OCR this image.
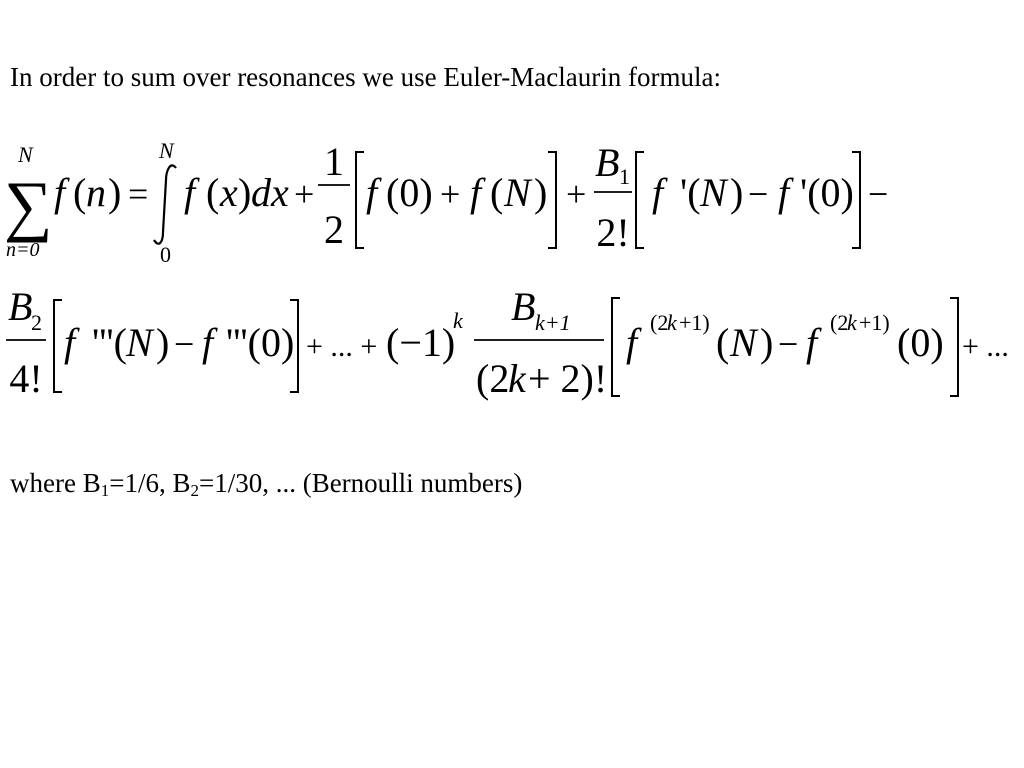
In order to sum over resonances we use Euler-Maclaurin formula:
N
∑
n=0
f ( n ) =
N
0
f ( x ) dx +
1
2
f (0) + f ( N ) +
B 1
2!
f '( N ) − f '(0) −
B
2
4!
f '''( N ) − f '''(0) + ... + (−1)
k B k+1
(2
k + 2)!
f (2
k +1) ( N ) − f (2
k +1) (0) + ...
where $B_1=1/6$, $B_2=1/30$, ... (Bernoulli numbers)
